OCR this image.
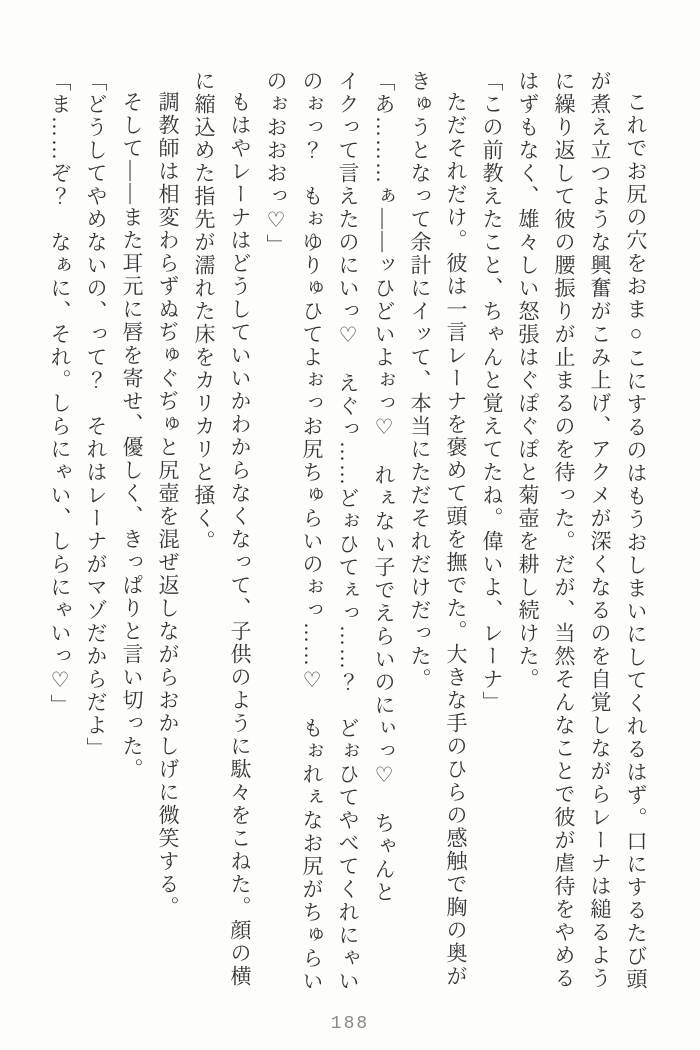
これでお尻の穴をおま○こにするのはもうおしまいにしてくれるはず。口にするたび頭
が煮え立つような興奮がこみ上げ、アクメが深くなるのを自覚しながらレーナは縋るよう
に繰り返して彼の腰振りが止まるのを待った。だが、当然そんなことで彼が虐待をやめる
はずもなく、雄々しい怒張はぐぽぐぽと菊壺を耕し続けた。
「この前教えたこと、ちゃんと覚えてたね。偉いよ、レーナ」
ただそれだけ。彼は一言レーナを褒めて頭を撫でた。大きな手のひらの感触で胸の奥が
きゅうとなって余計にイッて、本当にただそれだけだった。
「あ………ぁ――ッひどいよぉっ♡　れぇない子でえらいのにぃっ♡　ちゃんと
イクって言えたのにいっ♡　えぐっ……どぉひてぇっ……？　どぉひてやべてくれにゃい
のぉっ？　もぉゆりゅひてよぉっお尻ちゅらいのぉっ……♡　もぉれぇなお尻がちゅらい
のぉおおおっ♡」
もはやレーナはどうしていいかわからなくなって、子供のように駄々をこねた。顔の横
に縮込めた指先が濡れた床をカリカリと掻く。
調教師は相変わらずぬぢゅぐぢゅと尻壺を混ぜ返しながらおかしげに微笑する。
そして――また耳元に唇を寄せ、優しく、きっぱりと言い切った。
「どうしてやめないの、って？　それはレーナがマゾだからだよ」
「ま……ぞ？　なぁに、それ。しらにゃい、しらにゃいっ♡」
188
